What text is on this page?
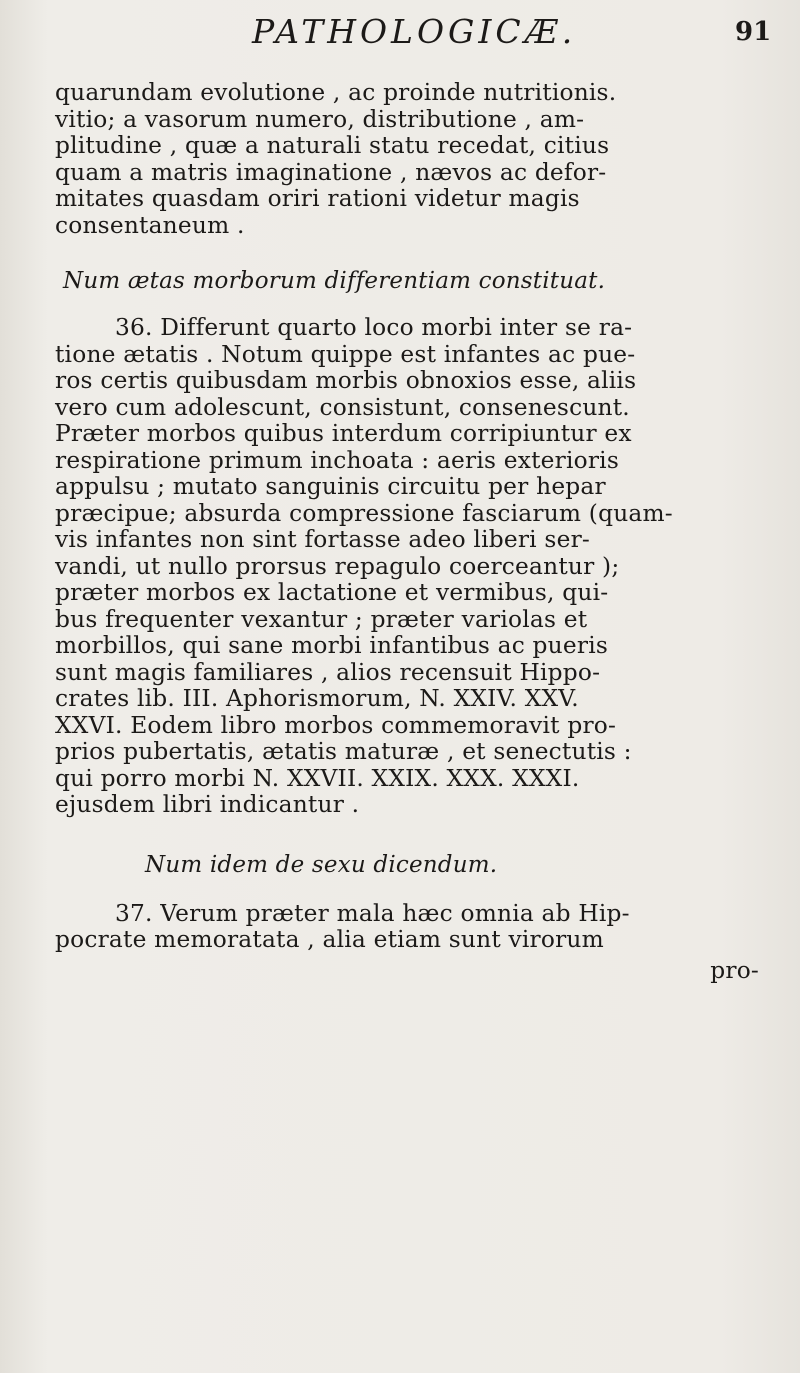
PATHOLOGICÆ.	91
quarundam evolutione , ac proinde nutritionis.
vitio; a vasorum numero, distributione , am-
plitudine , quæ a naturali statu recedat, citius
quam a matris imaginatione , nævos ac defor-
mitates quasdam oriri rationi videtur magis
consentaneum .
Num ætas morborum differentiam constituat.
36. Differunt quarto loco morbi inter se ra-
tione ætatis . Notum quippe est infantes ac pue-
ros certis quibusdam morbis obnoxios esse, aliis
vero cum adolescunt, consistunt, consenescunt.
Præter morbos quibus interdum corripiuntur ex
respiratione primum inchoata : aeris exterioris
appulsu ; mutato sanguinis circuitu per hepar
præcipue; absurda compressione fasciarum (quam-
vis infantes non sint fortasse adeo liberi ser-
vandi, ut nullo prorsus repagulo coerceantur );
præter morbos ex lactatione et vermibus, qui-
bus frequenter vexantur ; præter variolas et
morbillos, qui sane morbi infantibus ac pueris
sunt magis familiares , alios recensuit Hippo-
crates lib. III. Aphorismorum, N. XXIV. XXV.
XXVI. Eodem libro morbos commemoravit pro-
prios pubertatis, ætatis maturæ , et senectutis :
qui porro morbi N. XXVII. XXIX. XXX. XXXI.
ejusdem libri indicantur .
Num idem de sexu dicendum.
37. Verum præter mala hæc omnia ab Hip-
pocrate memoratata , alia etiam sunt virorum
pro-
